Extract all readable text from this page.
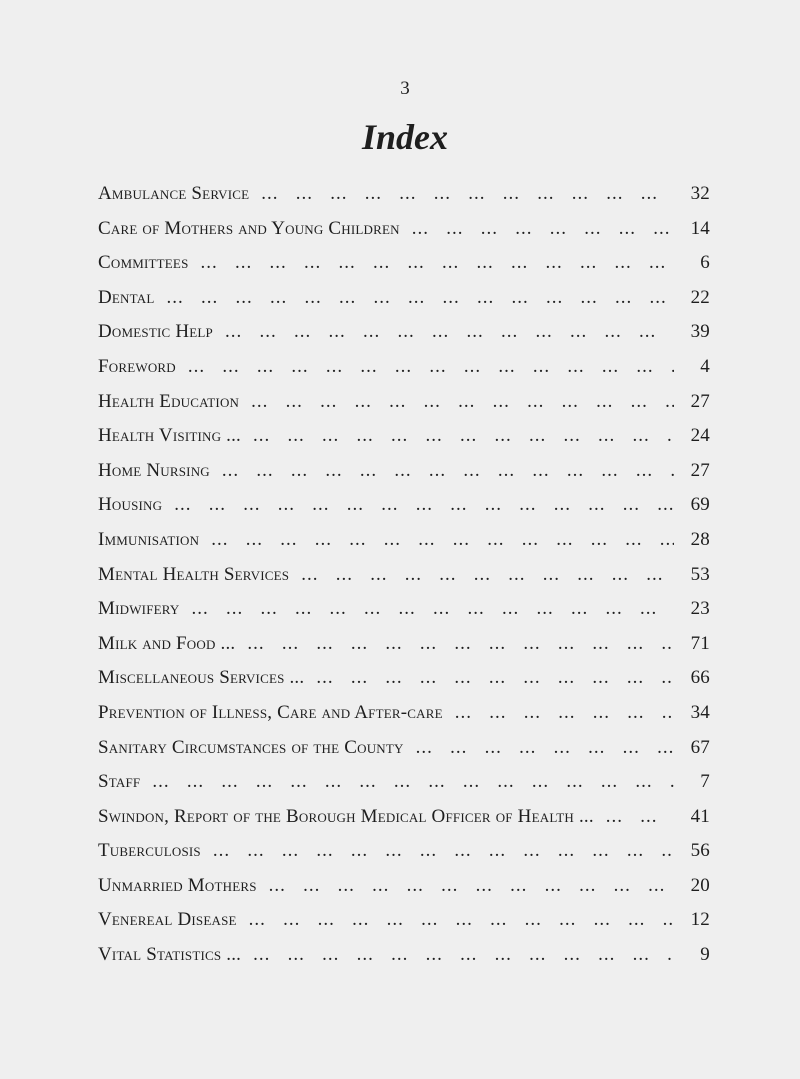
3
Index
Ambulance Service ...	32
Care of Mothers and Young Children ...	14
Committees ...	6
Dental ...	22
Domestic Help ...	39
Foreword ...	4
Health Education ...	27
Health Visiting ... ...	24
Home Nursing ...	27
Housing ...	69
Immunisation ...	28
Mental Health Services ...	53
Midwifery ...	23
Milk and Food ... ...	71
Miscellaneous Services ... ...	66
Prevention of Illness, Care and After-care ...	34
Sanitary Circumstances of the County ...	67
Staff ...	7
Swindon, Report of the Borough Medical Officer of Health ... ...	41
Tuberculosis ...	56
Unmarried Mothers ...	20
Venereal Disease ...	12
Vital Statistics ... ...	9
